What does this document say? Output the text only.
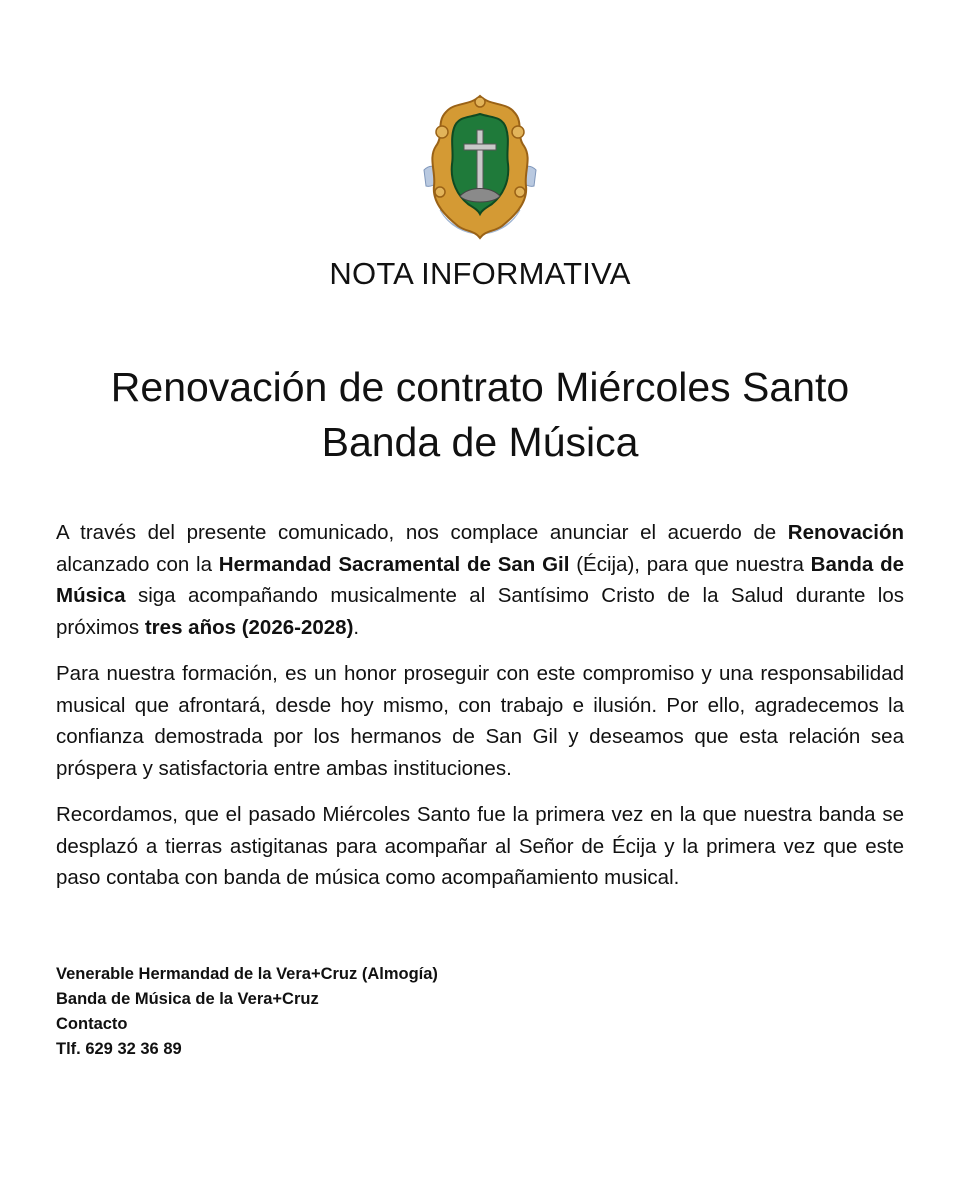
NOTA INFORMATIVA
Renovación de contrato Miércoles Santo
Banda de Música

A través del presente comunicado, nos complace anunciar el acuerdo de Renovación alcanzado con la Hermandad Sacramental de San Gil (Écija), para que nuestra Banda de Música siga acompañando musicalmente al Santísimo Cristo de la Salud durante los próximos tres años (2026-2028).

Para nuestra formación, es un honor proseguir con este compromiso y una responsabilidad musical que afrontará, desde hoy mismo, con trabajo e ilusión. Por ello, agradecemos la confianza demostrada por los hermanos de San Gil y deseamos que esta relación sea próspera y satisfactoria entre ambas instituciones.

Recordamos, que el pasado Miércoles Santo fue la primera vez en la que nuestra banda se desplazó a tierras astigitanas para acompañar al Señor de Écija y la primera vez que este paso contaba con banda de música como acompañamiento musical.

Venerable Hermandad de la Vera+Cruz (Almogía)
Banda de Música de la Vera+Cruz
Contacto
Tlf. 629 32 36 89
